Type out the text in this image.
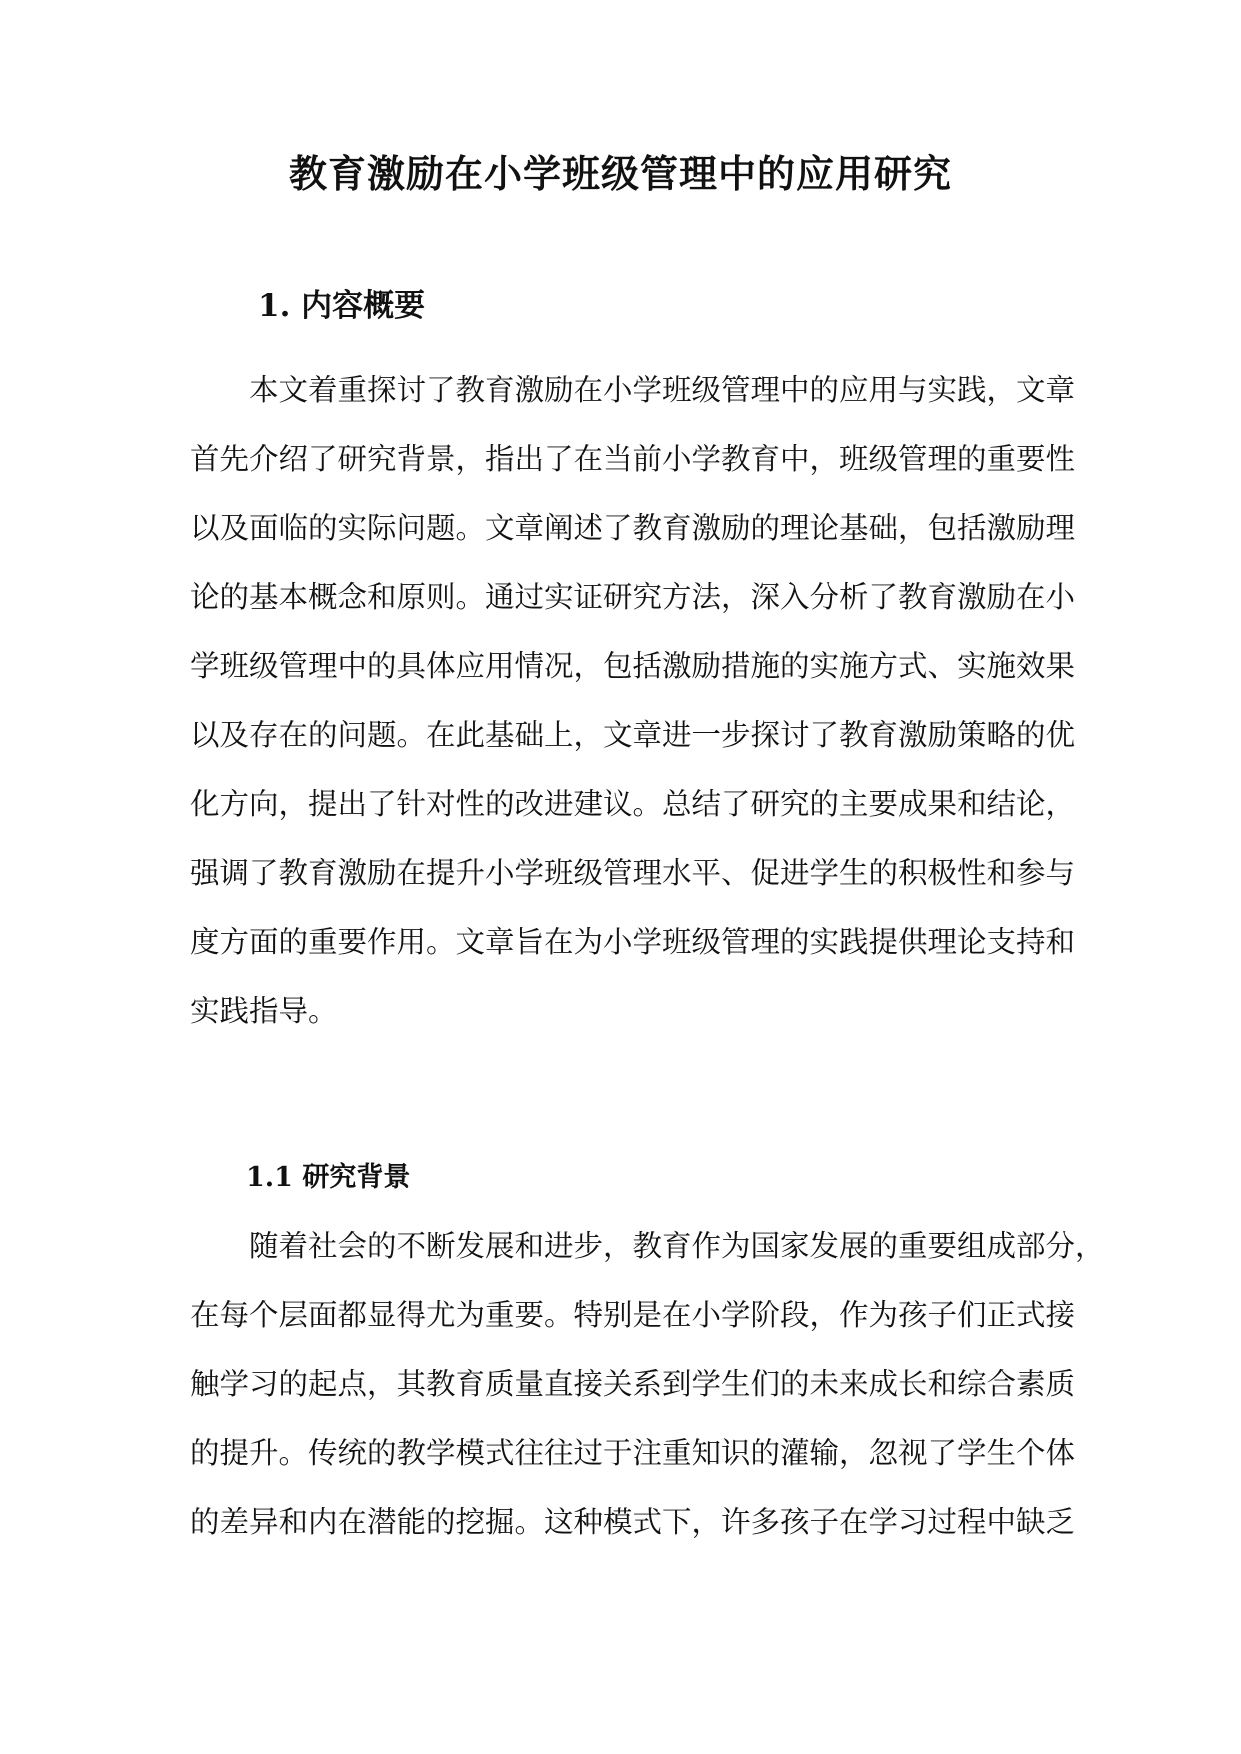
教育激励在小学班级管理中的应用研究
1. 内容概要
本文着重探讨了教育激励在小学班级管理中的应用与实践，文章
首先介绍了研究背景，指出了在当前小学教育中，班级管理的重要性
以及面临的实际问题。文章阐述了教育激励的理论基础，包括激励理
论的基本概念和原则。通过实证研究方法，深入分析了教育激励在小
学班级管理中的具体应用情况，包括激励措施的实施方式、实施效果
以及存在的问题。在此基础上，文章进一步探讨了教育激励策略的优
化方向，提出了针对性的改进建议。总结了研究的主要成果和结论，
强调了教育激励在提升小学班级管理水平、促进学生的积极性和参与
度方面的重要作用。文章旨在为小学班级管理的实践提供理论支持和
实践指导。
1.1 研究背景
随着社会的不断发展和进步，教育作为国家发展的重要组成部分，
在每个层面都显得尤为重要。特别是在小学阶段，作为孩子们正式接
触学习的起点，其教育质量直接关系到学生们的未来成长和综合素质
的提升。传统的教学模式往往过于注重知识的灌输，忽视了学生个体
的差异和内在潜能的挖掘。这种模式下，许多孩子在学习过程中缺乏
